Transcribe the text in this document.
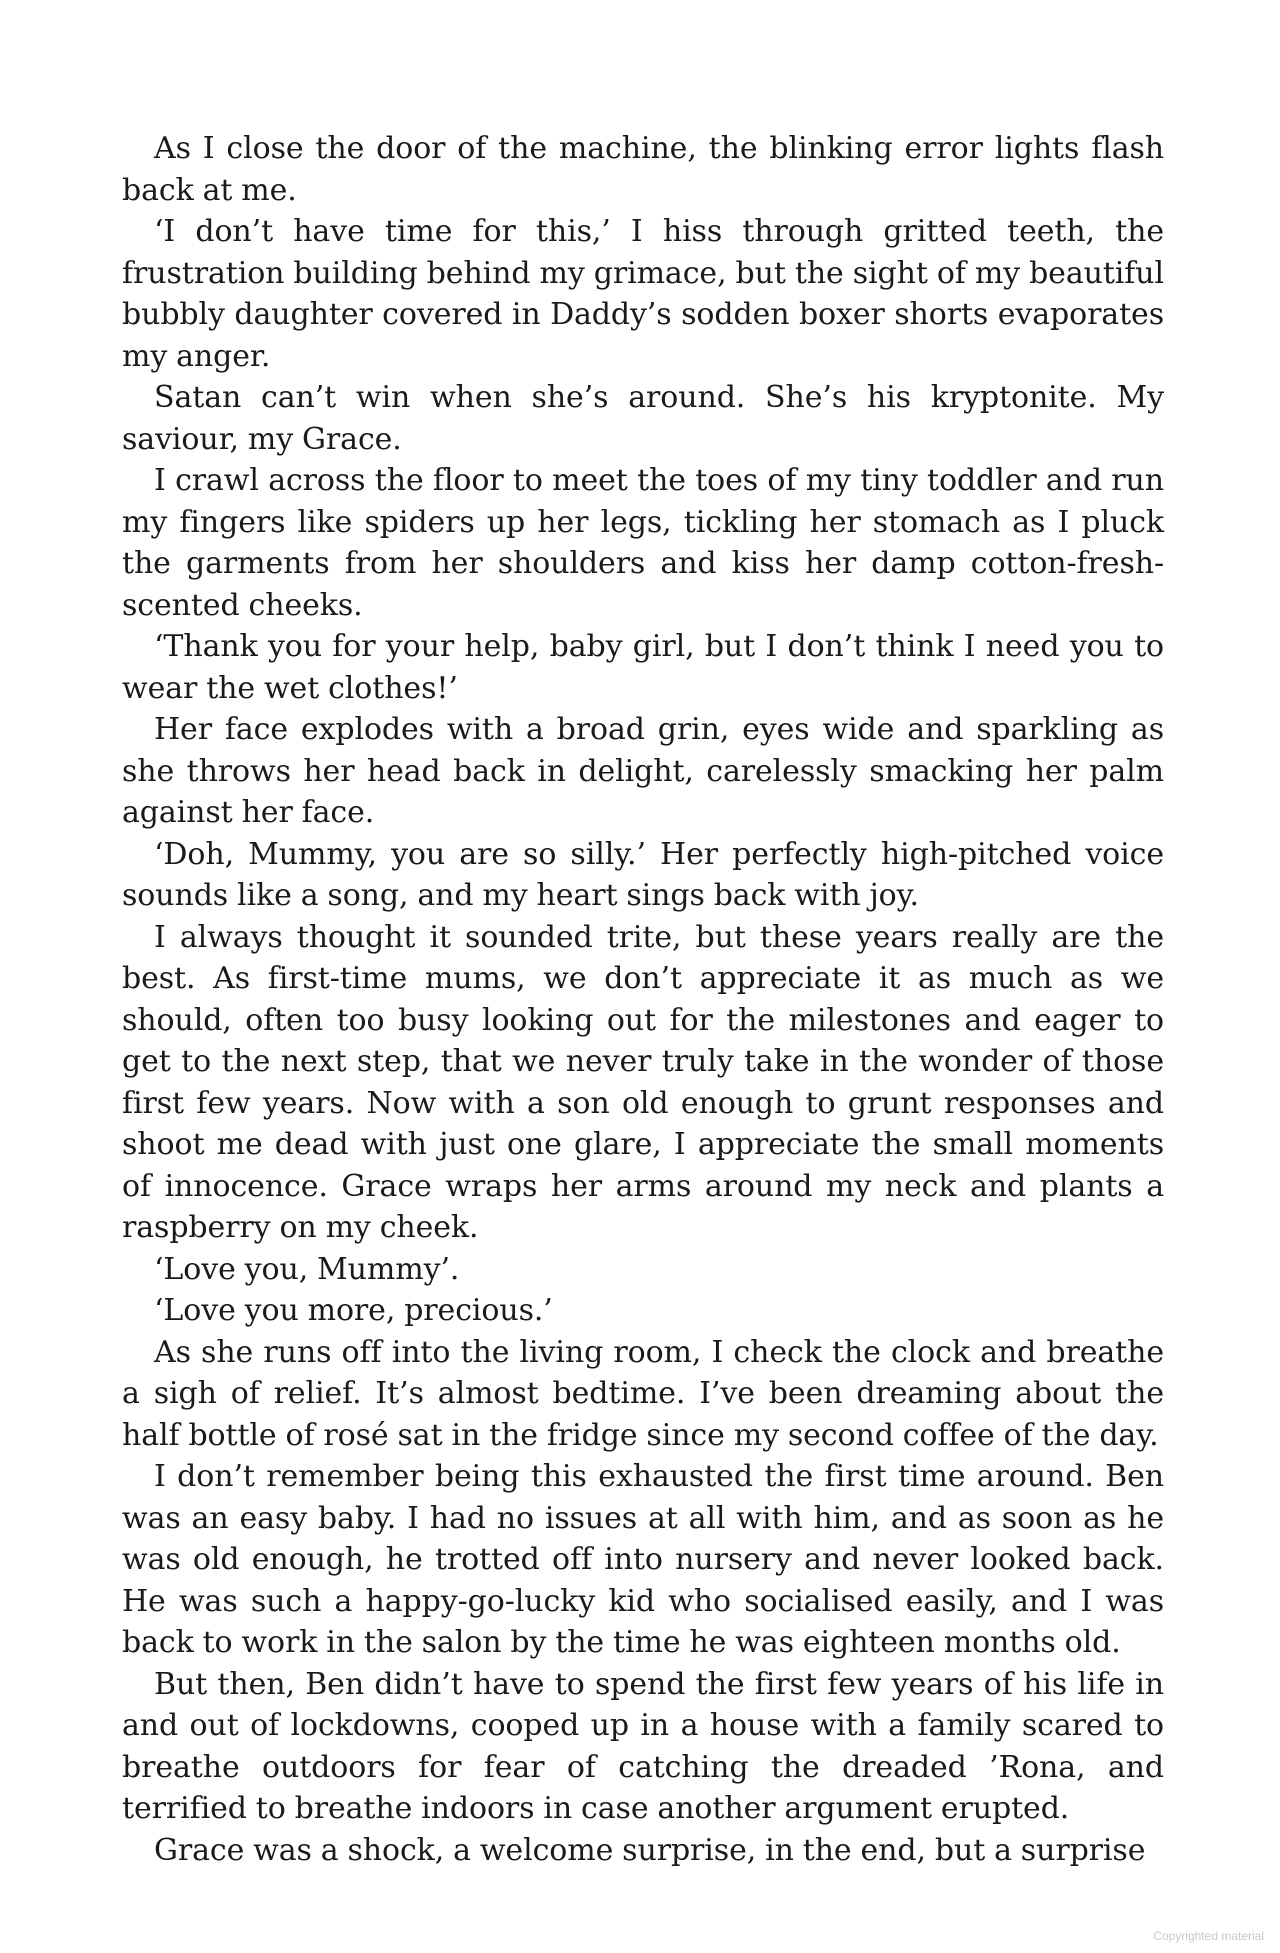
As I close the door of the machine, the blinking error lights flash back at me.

‘I don’t have time for this,’ I hiss through gritted teeth, the frustration building behind my grimace, but the sight of my beautiful bubbly daughter covered in Daddy’s sodden boxer shorts evaporates my anger.

Satan can’t win when she’s around. She’s his kryptonite. My saviour, my Grace.

I crawl across the floor to meet the toes of my tiny toddler and run my fingers like spiders up her legs, tickling her stomach as I pluck the garments from her shoulders and kiss her damp cotton-fresh-scented cheeks.

‘Thank you for your help, baby girl, but I don’t think I need you to wear the wet clothes!’

Her face explodes with a broad grin, eyes wide and sparkling as she throws her head back in delight, carelessly smacking her palm against her face.

‘Doh, Mummy, you are so silly.’ Her perfectly high-pitched voice sounds like a song, and my heart sings back with joy.

I always thought it sounded trite, but these years really are the best. As first-time mums, we don’t appreciate it as much as we should, often too busy looking out for the milestones and eager to get to the next step, that we never truly take in the wonder of those first few years. Now with a son old enough to grunt responses and shoot me dead with just one glare, I appreciate the small moments of innocence. Grace wraps her arms around my neck and plants a raspberry on my cheek.

‘Love you, Mummy’.

‘Love you more, precious.’

As she runs off into the living room, I check the clock and breathe a sigh of relief. It’s almost bedtime. I’ve been dreaming about the half bottle of rosé sat in the fridge since my second coffee of the day.

I don’t remember being this exhausted the first time around. Ben was an easy baby. I had no issues at all with him, and as soon as he was old enough, he trotted off into nursery and never looked back. He was such a happy-go-lucky kid who socialised easily, and I was back to work in the salon by the time he was eighteen months old.

But then, Ben didn’t have to spend the first few years of his life in and out of lockdowns, cooped up in a house with a family scared to breathe outdoors for fear of catching the dreaded ’Rona, and terrified to breathe indoors in case another argument erupted.

Grace was a shock, a welcome surprise, in the end, but a surprise

Copyrighted material
